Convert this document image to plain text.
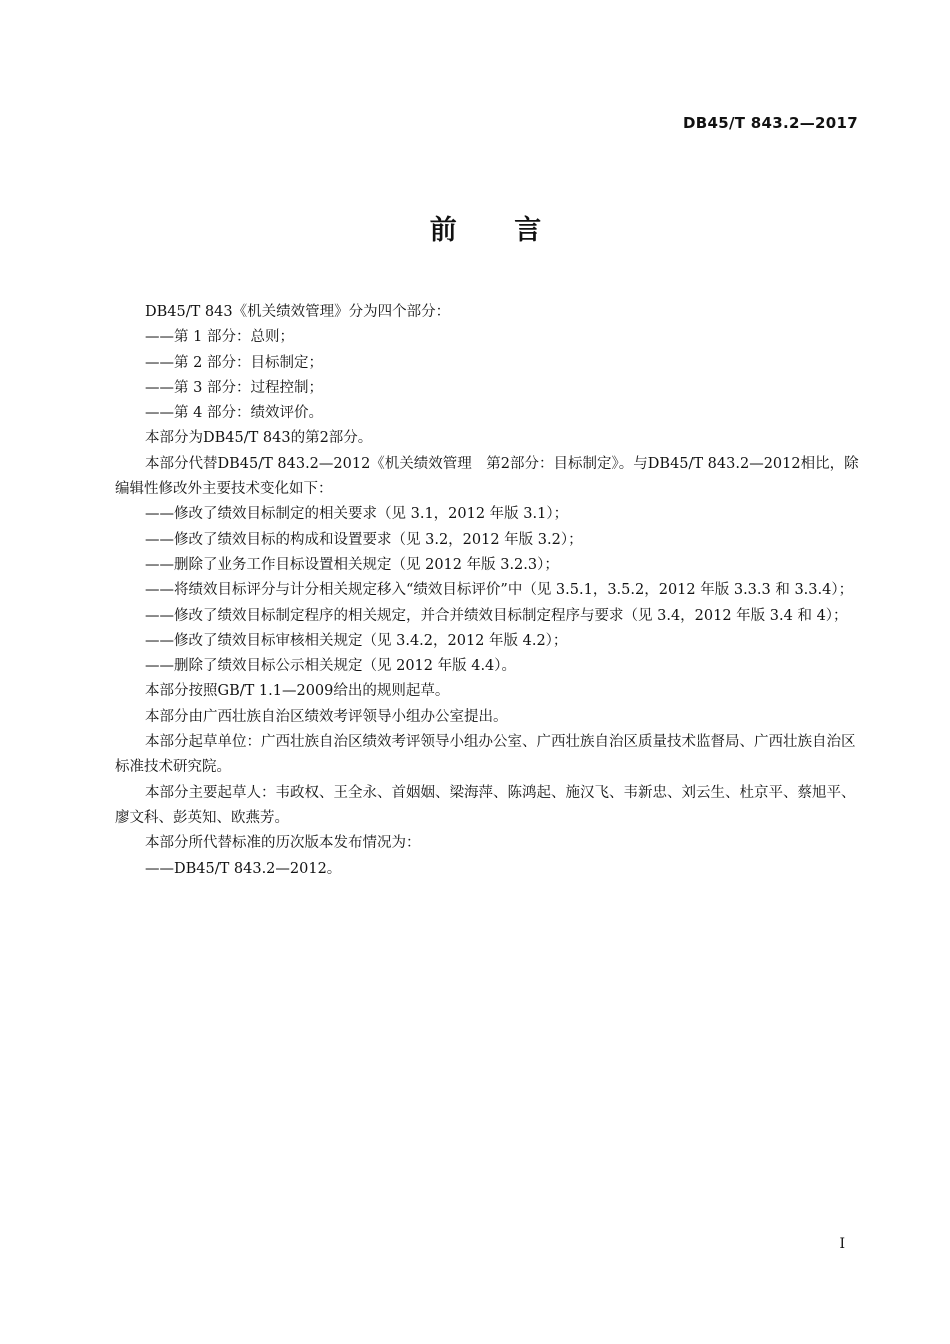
DB45/T 843.2—2017
前 言

DB45/T 843《机关绩效管理》分为四个部分：

——第 1 部分：总则；

——第 2 部分：目标制定；

——第 3 部分：过程控制；

——第 4 部分：绩效评价。

本部分为DB45/T 843的第2部分。

本部分代替DB45/T 843.2—2012《机关绩效管理　第2部分：目标制定》。与DB45/T 843.2—2012相比，除编辑性修改外主要技术变化如下：

——修改了绩效目标制定的相关要求（见 3.1，2012 年版 3.1）；

——修改了绩效目标的构成和设置要求（见 3.2，2012 年版 3.2）；

——删除了业务工作目标设置相关规定（见 2012 年版 3.2.3）；

——将绩效目标评分与计分相关规定移入“绩效目标评价”中（见 3.5.1，3.5.2，2012 年版 3.3.3 和 3.3.4）；

——修改了绩效目标制定程序的相关规定，并合并绩效目标制定程序与要求（见 3.4，2012 年版 3.4 和 4）；

——修改了绩效目标审核相关规定（见 3.4.2，2012 年版 4.2）；

——删除了绩效目标公示相关规定（见 2012 年版 4.4）。

本部分按照GB/T 1.1—2009给出的规则起草。

本部分由广西壮族自治区绩效考评领导小组办公室提出。

本部分起草单位：广西壮族自治区绩效考评领导小组办公室、广西壮族自治区质量技术监督局、广西壮族自治区标准技术研究院。

本部分主要起草人：韦政权、王全永、首姻姻、梁海萍、陈鸿起、施汉飞、韦新忠、刘云生、杜京平、蔡旭平、廖文科、彭英知、欧燕芳。

本部分所代替标准的历次版本发布情况为：

——DB45/T 843.2—2012。

I
